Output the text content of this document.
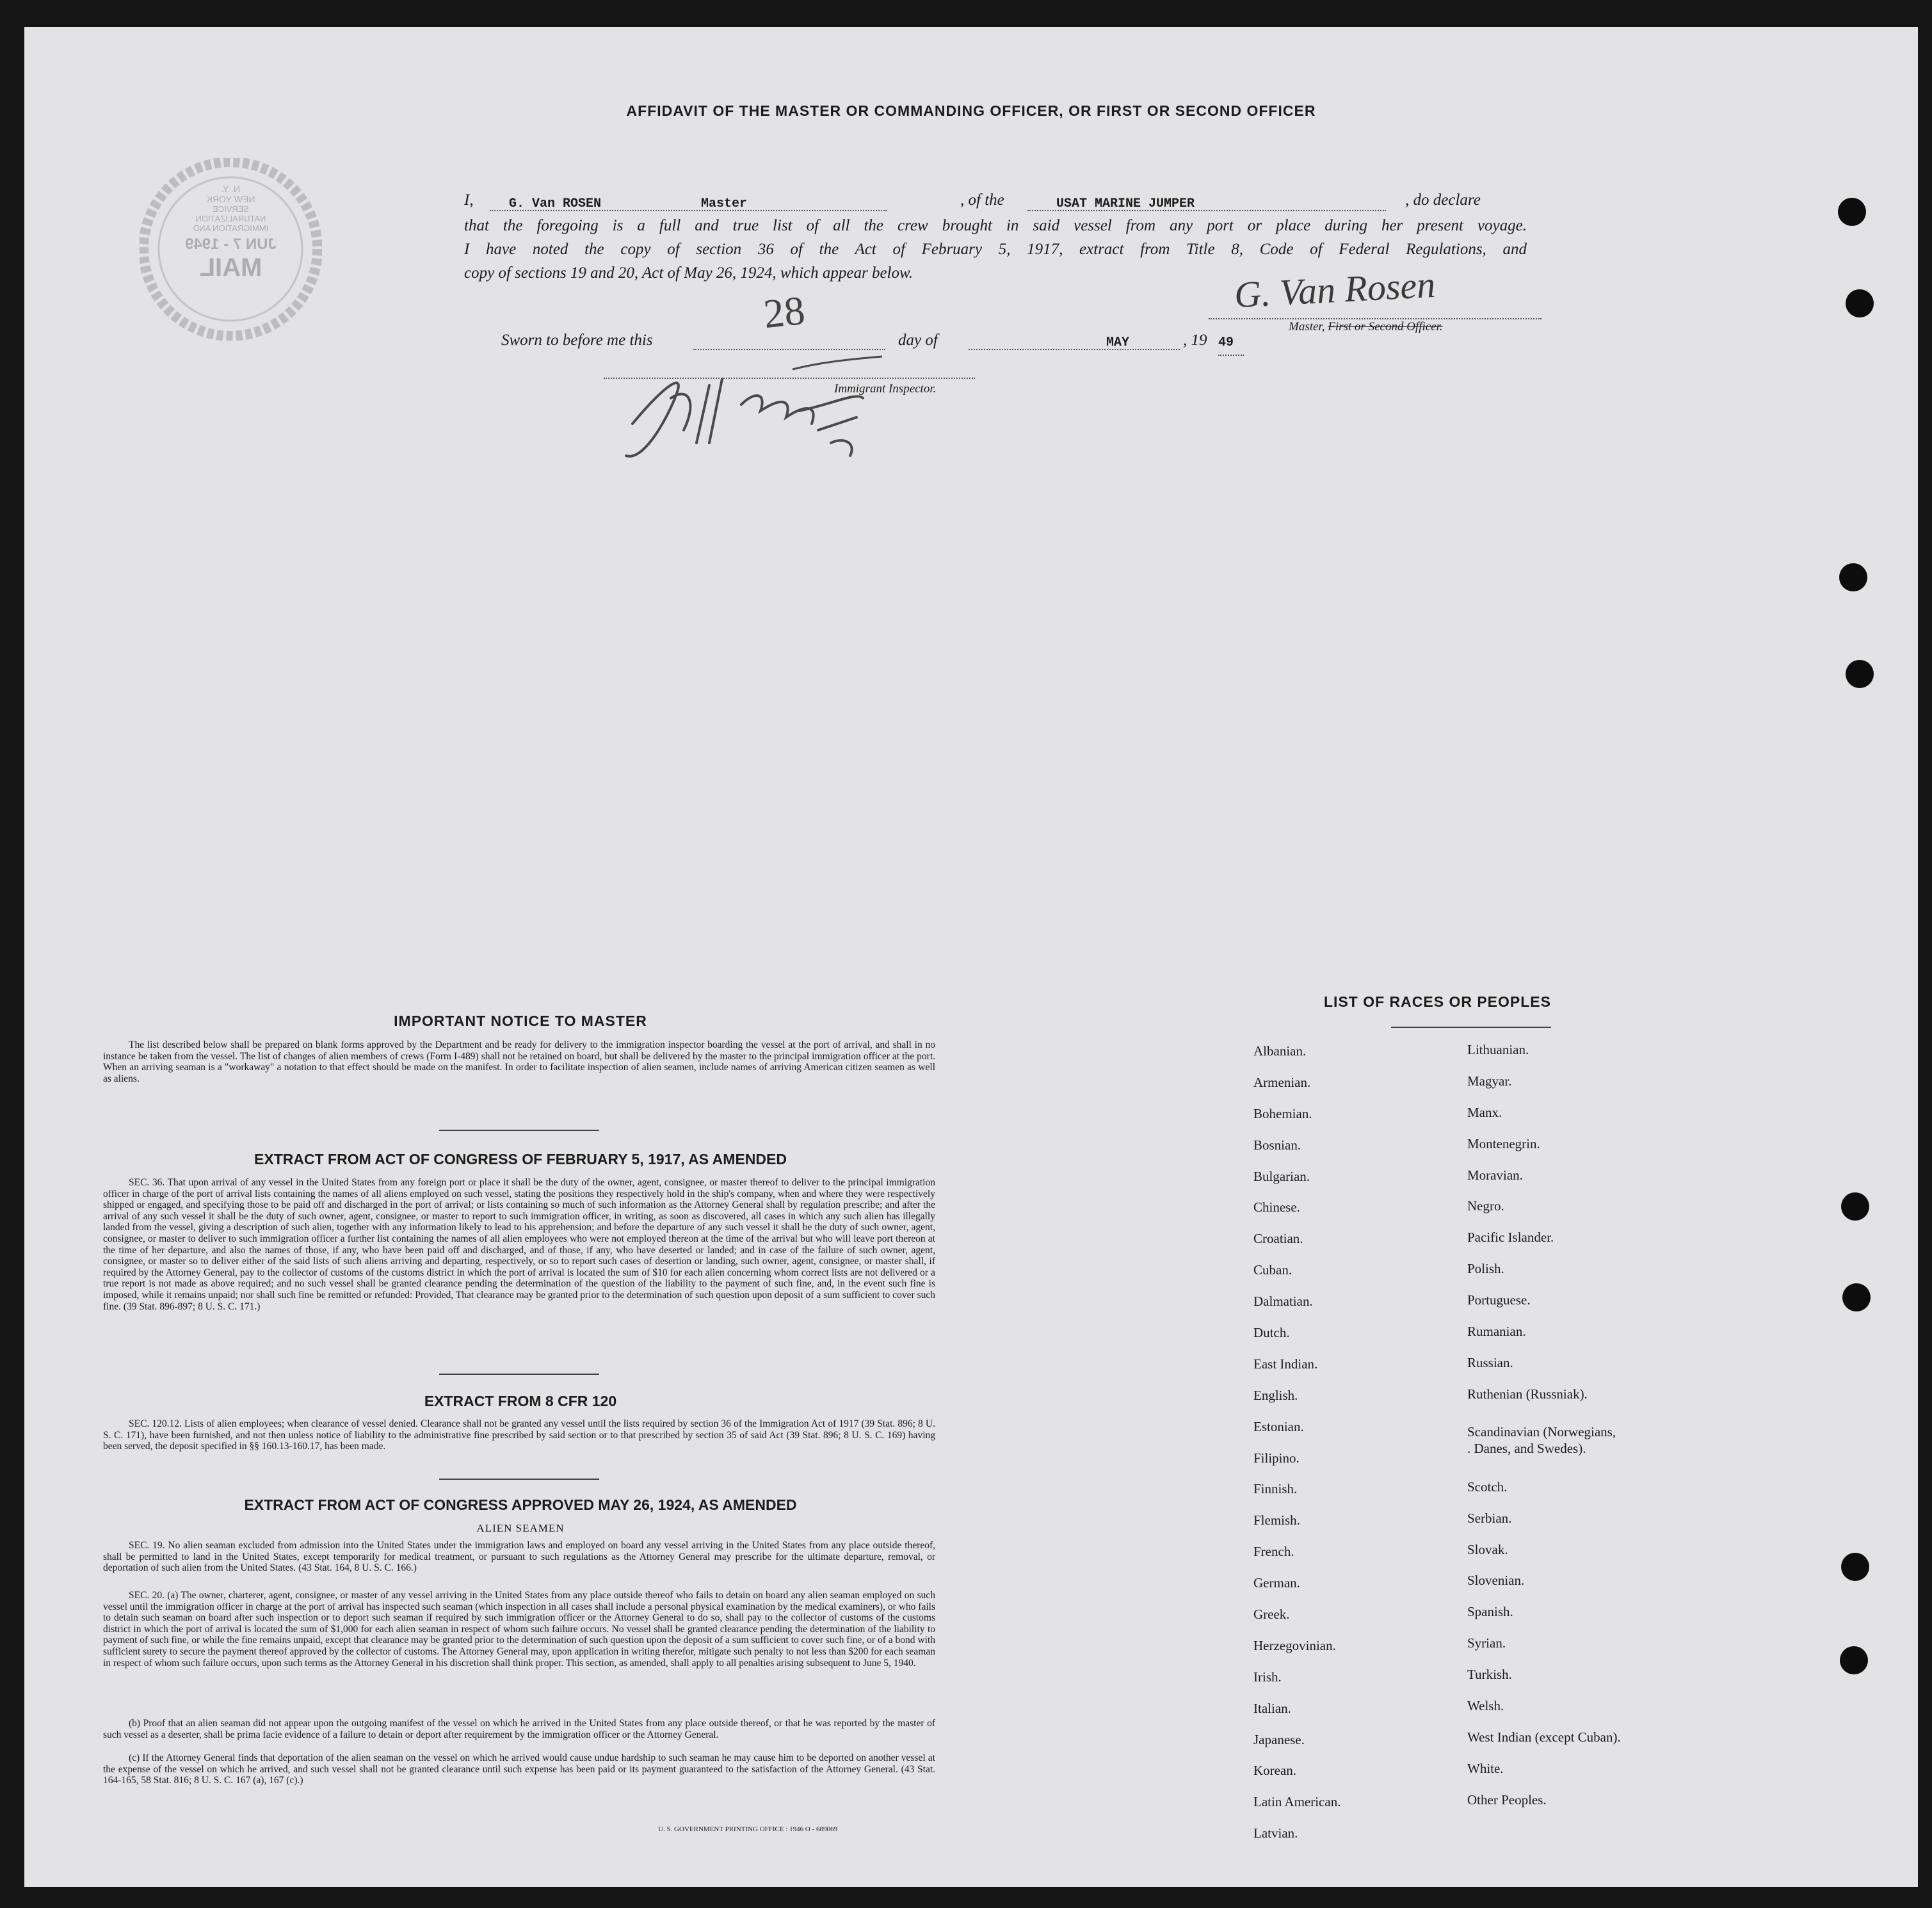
AFFIDAVIT OF THE MASTER OR COMMANDING OFFICER, OR FIRST OR SECOND OFFICER
N. Y.
NEW YORK
SERVICE
NATURALIZATION
IMMIGRATION AND
JUN 7 - 1949
MAIL
I,	G. Van ROSEN	Master	, of the	USAT MARINE JUMPER	, do declare
that the foregoing is a full and true list of all the crew brought in said vessel from any port or place during her present voyage.
I have noted the copy of section 36 of the Act of February 5, 1917, extract from Title 8, Code of Federal Regulations, and
copy of sections 19 and 20, Act of May 26, 1924, which appear below.	G. Van Rosen
Master, First or Second Officer.
Sworn to before me this
28
day of	MAY	, 19 49
Immigrant Inspector.
IMPORTANT NOTICE TO MASTER
The list described below shall be prepared on blank forms approved by the Department and be ready for delivery to the immigration inspector boarding the vessel at the port of arrival, and shall in no instance be taken from the vessel. The list of changes of alien members of crews (Form I-489) shall not be retained on board, but shall be delivered by the master to the principal immigration officer at the port. When an arriving seaman is a "workaway" a notation to that effect should be made on the manifest. In order to facilitate inspection of alien seamen, include names of arriving American citizen seamen as well as aliens.
EXTRACT FROM ACT OF CONGRESS OF FEBRUARY 5, 1917, AS AMENDED
SEC. 36. That upon arrival of any vessel in the United States from any foreign port or place it shall be the duty of the owner, agent, consignee, or master thereof to deliver to the principal immigration officer in charge of the port of arrival lists containing the names of all aliens employed on such vessel, stating the positions they respectively hold in the ship's company, when and where they were respectively shipped or engaged, and specifying those to be paid off and discharged in the port of arrival; or lists containing so much of such information as the Attorney General shall by regulation prescribe; and after the arrival of any such vessel it shall be the duty of such owner, agent, consignee, or master to report to such immigration officer, in writing, as soon as discovered, all cases in which any such alien has illegally landed from the vessel, giving a description of such alien, together with any information likely to lead to his apprehension; and before the departure of any such vessel it shall be the duty of such owner, agent, consignee, or master to deliver to such immigration officer a further list containing the names of all alien employees who were not employed thereon at the time of the arrival but who will leave port thereon at the time of her departure, and also the names of those, if any, who have been paid off and discharged, and of those, if any, who have deserted or landed; and in case of the failure of such owner, agent, consignee, or master so to deliver either of the said lists of such aliens arriving and departing, respectively, or so to report such cases of desertion or landing, such owner, agent, consignee, or master shall, if required by the Attorney General, pay to the collector of customs of the customs district in which the port of arrival is located the sum of $10 for each alien concerning whom correct lists are not delivered or a true report is not made as above required; and no such vessel shall be granted clearance pending the determination of the question of the liability to the payment of such fine, and, in the event such fine is imposed, while it remains unpaid; nor shall such fine be remitted or refunded: Provided, That clearance may be granted prior to the determination of such question upon deposit of a sum sufficient to cover such fine. (39 Stat. 896-897; 8 U. S. C. 171.)
EXTRACT FROM 8 CFR 120
SEC. 120.12. Lists of alien employees; when clearance of vessel denied. Clearance shall not be granted any vessel until the lists required by section 36 of the Immigration Act of 1917 (39 Stat. 896; 8 U. S. C. 171), have been furnished, and not then unless notice of liability to the administrative fine prescribed by said section or to that prescribed by section 35 of said Act (39 Stat. 896; 8 U. S. C. 169) having been served, the deposit specified in §§ 160.13-160.17, has been made.
EXTRACT FROM ACT OF CONGRESS APPROVED MAY 26, 1924, AS AMENDED
ALIEN SEAMEN
SEC. 19. No alien seaman excluded from admission into the United States under the immigration laws and employed on board any vessel arriving in the United States from any place outside thereof, shall be permitted to land in the United States, except temporarily for medical treatment, or pursuant to such regulations as the Attorney General may prescribe for the ultimate departure, removal, or deportation of such alien from the United States. (43 Stat. 164, 8 U. S. C. 166.)
SEC. 20. (a) The owner, charterer, agent, consignee, or master of any vessel arriving in the United States from any place outside thereof who fails to detain on board any alien seaman employed on such vessel until the immigration officer in charge at the port of arrival has inspected such seaman (which inspection in all cases shall include a personal physical examination by the medical examiners), or who fails to detain such seaman on board after such inspection or to deport such seaman if required by such immigration officer or the Attorney General to do so, shall pay to the collector of customs of the customs district in which the port of arrival is located the sum of $1,000 for each alien seaman in respect of whom such failure occurs. No vessel shall be granted clearance pending the determination of the liability to payment of such fine, or while the fine remains unpaid, except that clearance may be granted prior to the determination of such question upon the deposit of a sum sufficient to cover such fine, or of a bond with sufficient surety to secure the payment thereof approved by the collector of customs. The Attorney General may, upon application in writing therefor, mitigate such penalty to not less than $200 for each seaman in respect of whom such failure occurs, upon such terms as the Attorney General in his discretion shall think proper. This section, as amended, shall apply to all penalties arising subsequent to June 5, 1940.
(b) Proof that an alien seaman did not appear upon the outgoing manifest of the vessel on which he arrived in the United States from any place outside thereof, or that he was reported by the master of such vessel as a deserter, shall be prima facie evidence of a failure to detain or deport after requirement by the immigration officer or the Attorney General.
(c) If the Attorney General finds that deportation of the alien seaman on the vessel on which he arrived would cause undue hardship to such seaman he may cause him to be deported on another vessel at the expense of the vessel on which he arrived, and such vessel shall not be granted clearance until such expense has been paid or its payment guaranteed to the satisfaction of the Attorney General. (43 Stat. 164-165, 58 Stat. 816; 8 U. S. C. 167 (a), 167 (c).)
U. S. GOVERNMENT PRINTING OFFICE : 1946 O - 689069
LIST OF RACES OR PEOPLES
Albanian.
Armenian.
Bohemian.
Bosnian.
Bulgarian.
Chinese.
Croatian.
Cuban.
Dalmatian.
Dutch.
East Indian.
English.
Estonian.
Filipino.
Finnish.
Flemish.
French.
German.
Greek.
Herzegovinian.
Irish.
Italian.
Japanese.
Korean.
Latin American.
Latvian.
Lithuanian.
Magyar.
Manx.
Montenegrin.
Moravian.
Negro.
Pacific Islander.
Polish.
Portuguese.
Rumanian.
Russian.
Ruthenian (Russniak).
Scandinavian (Norwegians,
. Danes, and Swedes).
Scotch.
Serbian.
Slovak.
Slovenian.
Spanish.
Syrian.
Turkish.
Welsh.
West Indian (except Cuban).
White.
Other Peoples.
